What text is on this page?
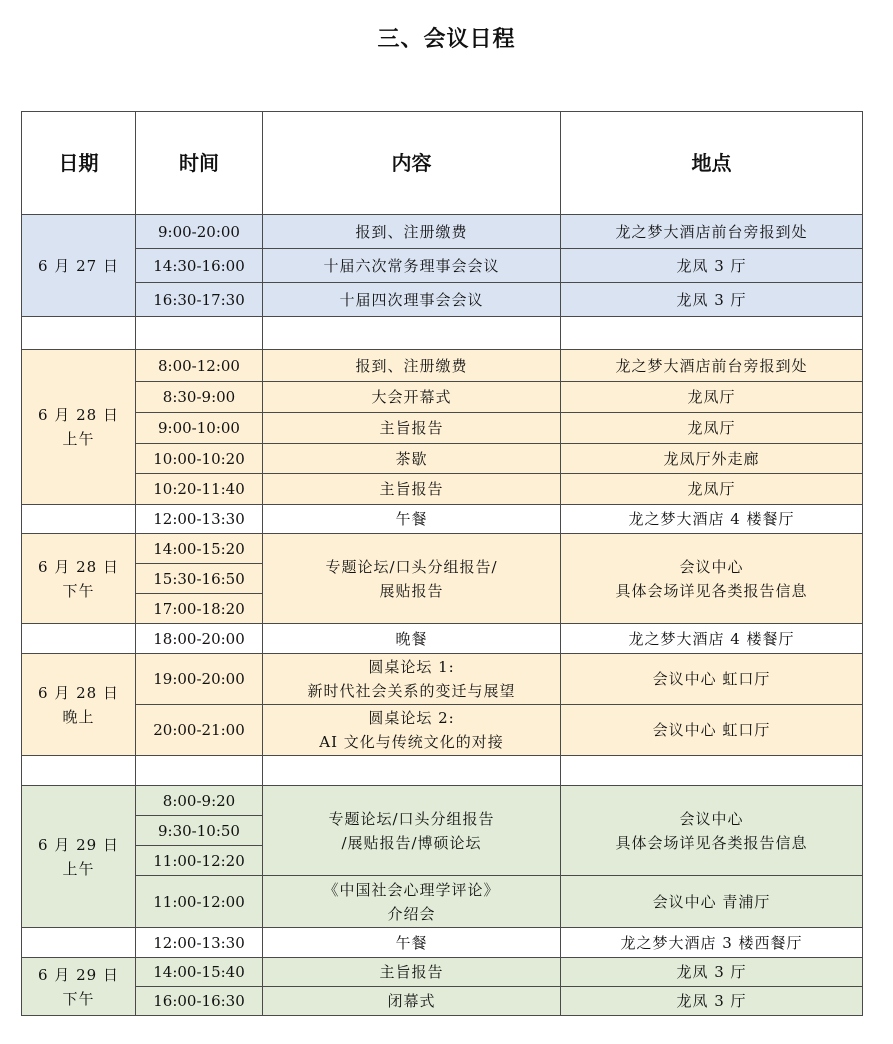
三、会议日程
日期	时间	内容	地点
6 月 27 日	9:00-20:00	报到、注册缴费	龙之梦大酒店前台旁报到处

	14:30-16:00	十届六次常务理事会会议	龙凤 3 厅

	16:30-17:30	十届四次理事会会议	龙凤 3 厅

6 月 28 日
上午	8:00-12:00	报到、注册缴费	龙之梦大酒店前台旁报到处

	8:30-9:00	大会开幕式	龙凤厅

	9:00-10:00	主旨报告	龙凤厅

	10:00-10:20	茶歇	龙凤厅外走廊

	10:20-11:40	主旨报告	龙凤厅

	12:00-13:30	午餐	龙之梦大酒店 4 楼餐厅

6 月 28 日
下午	14:00-15:20	专题论坛/口头分组报告/
展贴报告	会议中心
具体会场详见各类报告信息

	15:30-16:50		
	17:00-18:20		
	18:00-20:00	晚餐	龙之梦大酒店 4 楼餐厅

6 月 28 日
晚上	19:00-20:00	圆桌论坛 1:
新时代社会关系的变迁与展望	会议中心 虹口厅

	20:00-21:00	圆桌论坛 2:
AI 文化与传统文化的对接	会议中心 虹口厅

6 月 29 日
上午	8:00-9:20	专题论坛/口头分组报告
/展贴报告/博硕论坛	会议中心
具体会场详见各类报告信息

	9:30-10:50		
	11:00-12:20		
	11:00-12:00	《中国社会心理学评论》
介绍会	会议中心 青浦厅

	12:00-13:30	午餐	龙之梦大酒店 3 楼西餐厅

6 月 29 日
下午	14:00-15:40	主旨报告	龙凤 3 厅

	16:00-16:30	闭幕式	龙凤 3 厅
